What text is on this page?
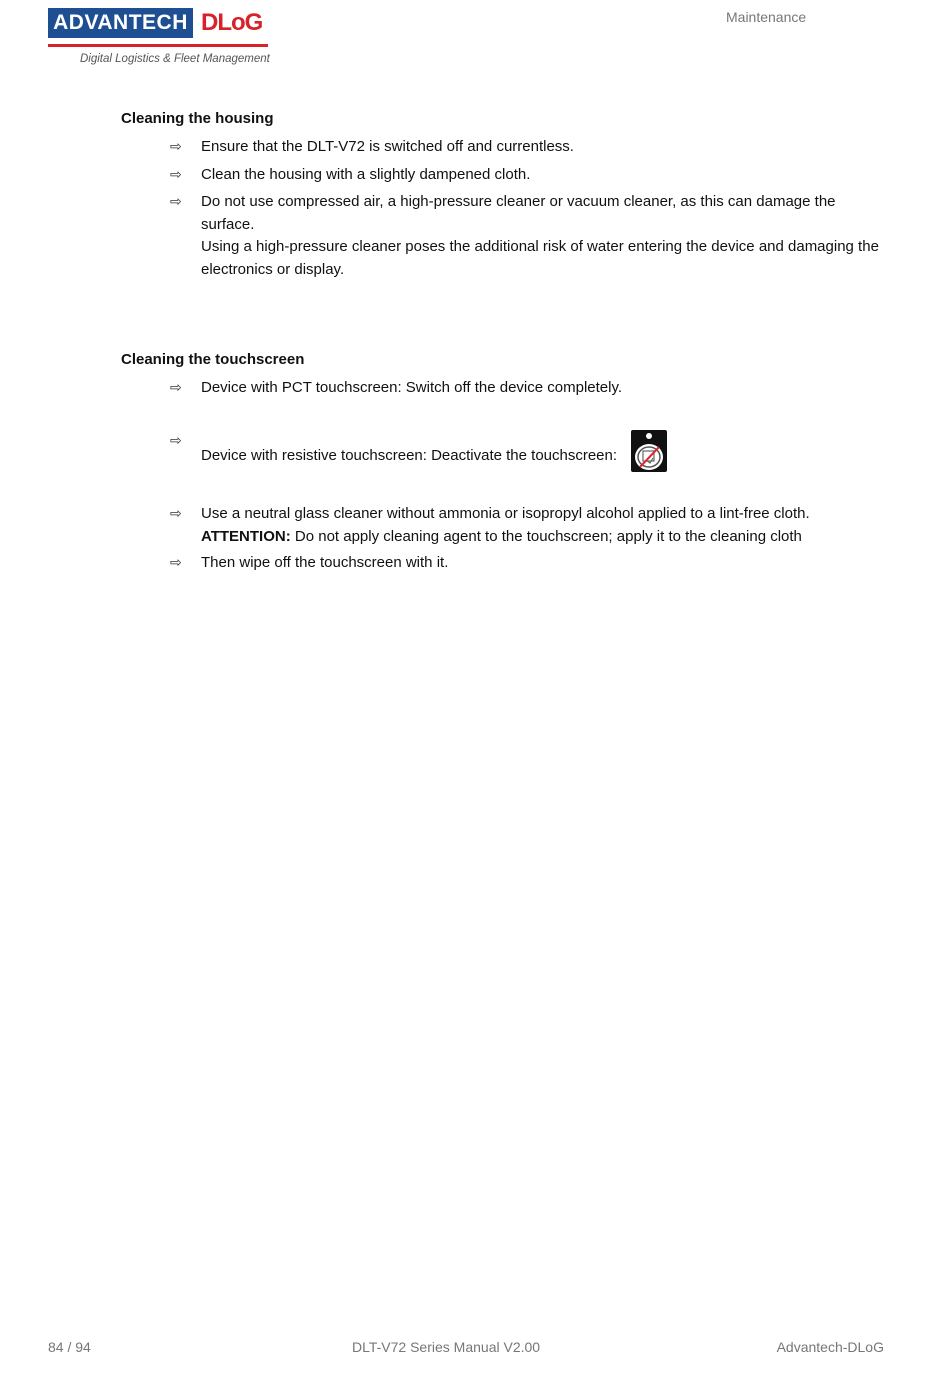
ADVANTECH DLoG
Digital Logistics & Fleet Management
Maintenance
Cleaning the housing
⇨ Ensure that the DLT-V72 is switched off and currentless.
⇨ Clean the housing with a slightly dampened cloth.
⇨ Do not use compressed air, a high-pressure cleaner or vacuum cleaner, as this can damage the surface.
Using a high-pressure cleaner poses the additional risk of water entering the device and damaging the electronics or display.
Cleaning the touchscreen
⇨ Device with PCT touchscreen: Switch off the device completely.
⇨
Device with resistive touchscreen: Deactivate the touchscreen:
⇨ Use a neutral glass cleaner without ammonia or isopropyl alcohol applied to a lint-free cloth.
ATTENTION: Do not apply cleaning agent to the touchscreen; apply it to the cleaning cloth
⇨ Then wipe off the touchscreen with it.
84 / 94	DLT-V72 Series Manual V2.00	Advantech-DLoG
